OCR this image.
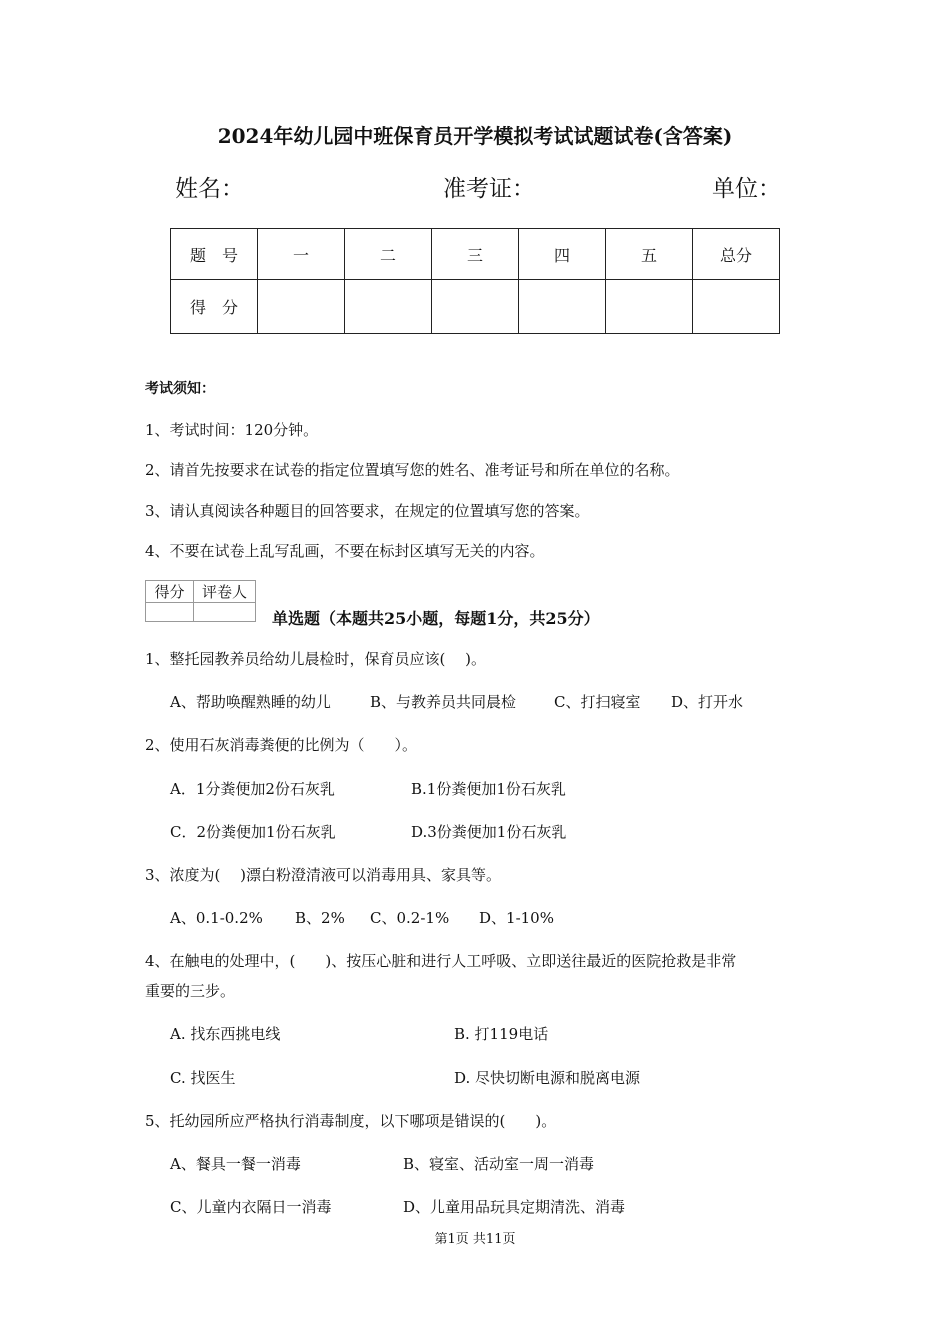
2024年幼儿园中班保育员开学模拟考试试题试卷(含答案)
姓名：	准考证：	单位：
题　号	一	二	三	四	五	总分
得　分						
考试须知：
1、考试时间：120分钟。
2、请首先按要求在试卷的指定位置填写您的姓名、准考证号和所在单位的名称。
3、请认真阅读各种题目的回答要求，在规定的位置填写您的答案。
4、不要在试卷上乱写乱画，不要在标封区填写无关的内容。
得分	评卷人

单选题（本题共25小题，每题1分，共25分）
1、整托园教养员给幼儿晨检时，保育员应该(　 )。
A、帮助唤醒熟睡的幼儿	B、与教养员共同晨检	C、打扫寝室 D、打开水
2、使用石灰消毒粪便的比例为（　　）。
A．1分粪便加2份石灰乳	B.1份粪便加1份石灰乳
C．2份粪便加1份石灰乳	D.3份粪便加1份石灰乳
3、浓度为(　 )漂白粉澄清液可以消毒用具、家具等。
A、0.1-0.2% B、2% C、0.2-1% D、1-10%
4、在触电的处理中，(　　)、按压心脏和进行人工呼吸、立即送往最近的医院抢救是非常
重要的三步。
A. 找东西挑电线	B. 打119电话
C. 找医生	D. 尽快切断电源和脱离电源
5、托幼园所应严格执行消毒制度，以下哪项是错误的(　　)。
A、餐具一餐一消毒	B、寝室、活动室一周一消毒
C、儿童内衣隔日一消毒	D、儿童用品玩具定期清洗、消毒
第1页 共11页
